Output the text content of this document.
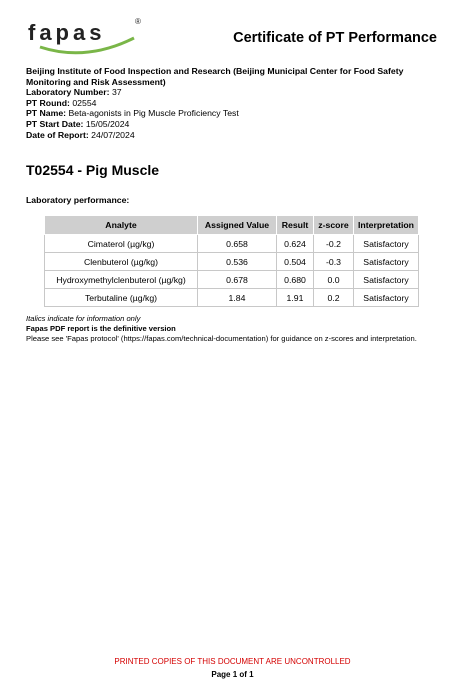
fapas	®
Certificate of PT Performance
Beijing Institute of Food Inspection and Research (Beijing Municipal Center for Food Safety Monitoring and Risk Assessment)
Laboratory Number: 37
PT Round: 02554
PT Name: Beta-agonists in Pig Muscle Proficiency Test
PT Start Date: 15/05/2024
Date of Report: 24/07/2024
T02554 - Pig Muscle
Laboratory performance:
Analyte	Assigned Value	Result	z-score	Interpretation
Cimaterol (µg/kg)	0.658	0.624	-0.2	Satisfactory
Clenbuterol (µg/kg)	0.536	0.504	-0.3	Satisfactory
Hydroxymethylclenbuterol (µg/kg)	0.678	0.680	0.0	Satisfactory
Terbutaline (µg/kg)	1.84	1.91	0.2	Satisfactory
Italics indicate for information only
Fapas PDF report is the definitive version
Please see 'Fapas protocol' (https://fapas.com/technical-documentation) for guidance on z-scores and interpretation.
PRINTED COPIES OF THIS DOCUMENT ARE UNCONTROLLED
Page 1 of 1
